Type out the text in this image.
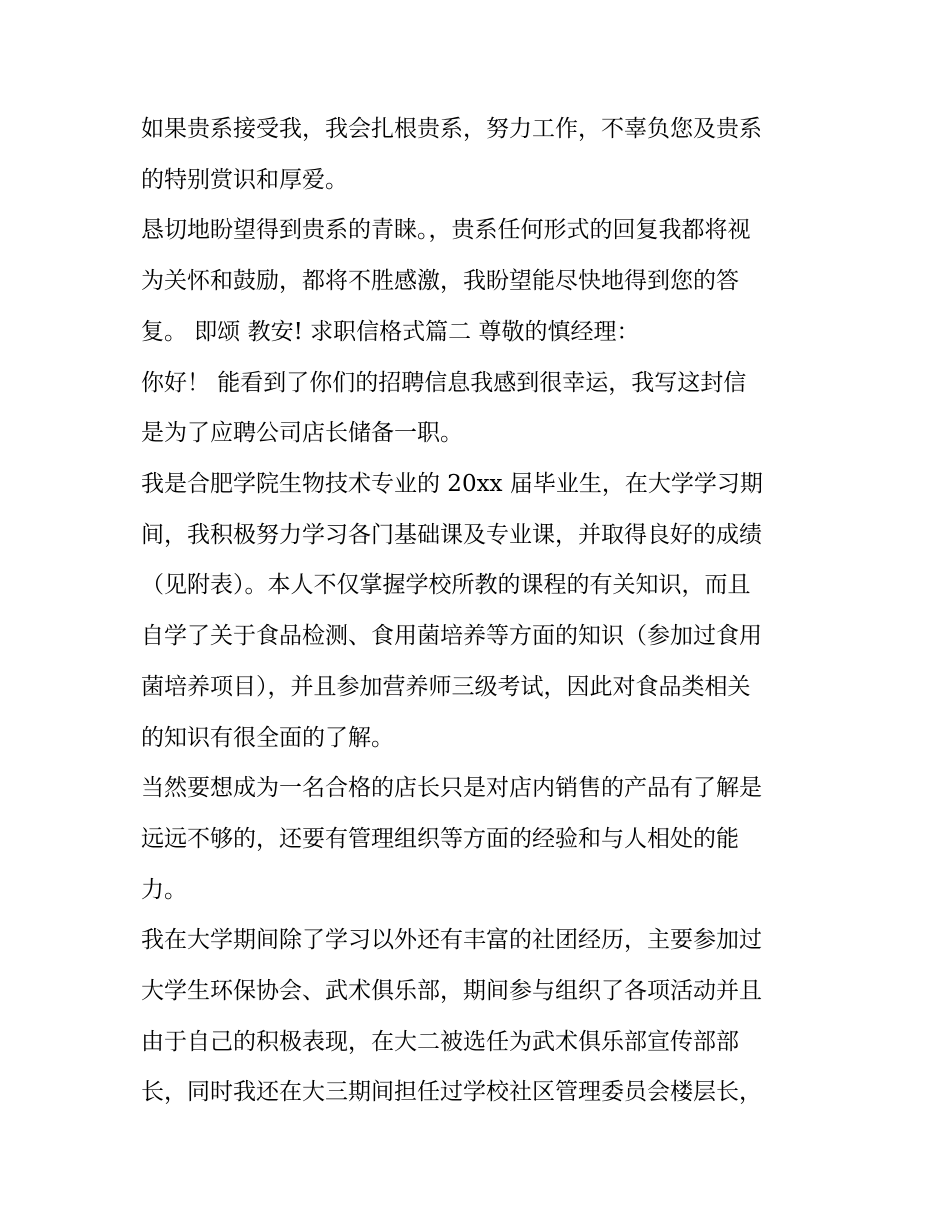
如果贵系接受我，我会扎根贵系，努力工作，不辜负您及贵系
的特别赏识和厚爱。
恳切地盼望得到贵系的青睐。，贵系任何形式的回复我都将视
为关怀和鼓励，都将不胜感激，我盼望能尽快地得到您的答
复。 即颂 教安! 求职信格式篇二 尊敬的慎经理：
你好！ 能看到了你们的招聘信息我感到很幸运，我写这封信
是为了应聘公司店长储备一职。
我是合肥学院生物技术专业的 20xx 届毕业生，在大学学习期
间，我积极努力学习各门基础课及专业课，并取得良好的成绩
（见附表）。本人不仅掌握学校所教的课程的有关知识，而且
自学了关于食品检测、食用菌培养等方面的知识（参加过食用
菌培养项目），并且参加营养师三级考试，因此对食品类相关
的知识有很全面的了解。
当然要想成为一名合格的店长只是对店内销售的产品有了解是
远远不够的，还要有管理组织等方面的经验和与人相处的能
力。
我在大学期间除了学习以外还有丰富的社团经历，主要参加过
大学生环保协会、武术俱乐部，期间参与组织了各项活动并且
由于自己的积极表现，在大二被选任为武术俱乐部宣传部部
长，同时我还在大三期间担任过学校社区管理委员会楼层长，
